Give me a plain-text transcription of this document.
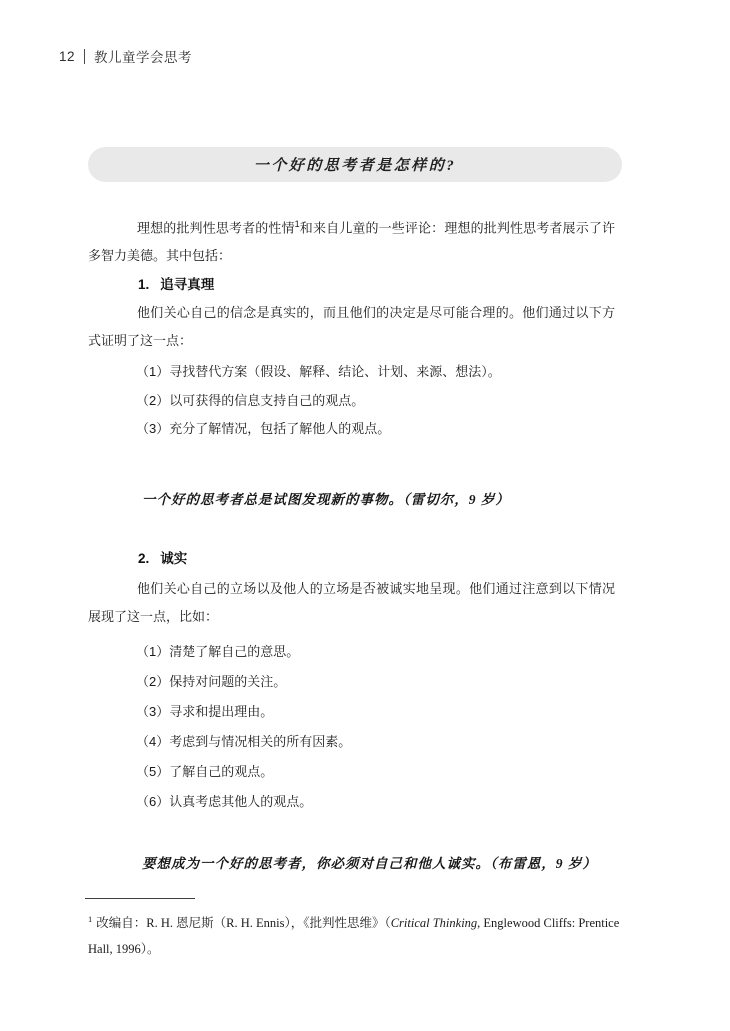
12 教儿童学会思考
一个好的思考者是怎样的?

理想的批判性思考者的性情$^1$和来自儿童的一些评论：理想的批判性思考者展示了许多智力美德。其中包括：

1. 追寻真理

他们关心自己的信念是真实的，而且他们的决定是尽可能合理的。他们通过以下方式证明了这一点：

（1）寻找替代方案（假设、解释、结论、计划、来源、想法）。
（2）以可获得的信息支持自己的观点。
（3）充分了解情况，包括了解他人的观点。

一个好的思考者总是试图发现新的事物。（雷切尔，9 岁）

2. 诚实

他们关心自己的立场以及他人的立场是否被诚实地呈现。他们通过注意到以下情况展现了这一点，比如：

（1）清楚了解自己的意思。
（2）保持对问题的关注。
（3）寻求和提出理由。
（4）考虑到与情况相关的所有因素。
（5）了解自己的观点。
（6）认真考虑其他人的观点。

要想成为一个好的思考者，你必须对自己和他人诚实。（布雷恩，9 岁）

$^1$ 改编自：R. H. 恩尼斯（R. H. Ennis），《批判性思维》（Critical Thinking, Englewood Cliffs: Prentice
Hall, 1996）。
